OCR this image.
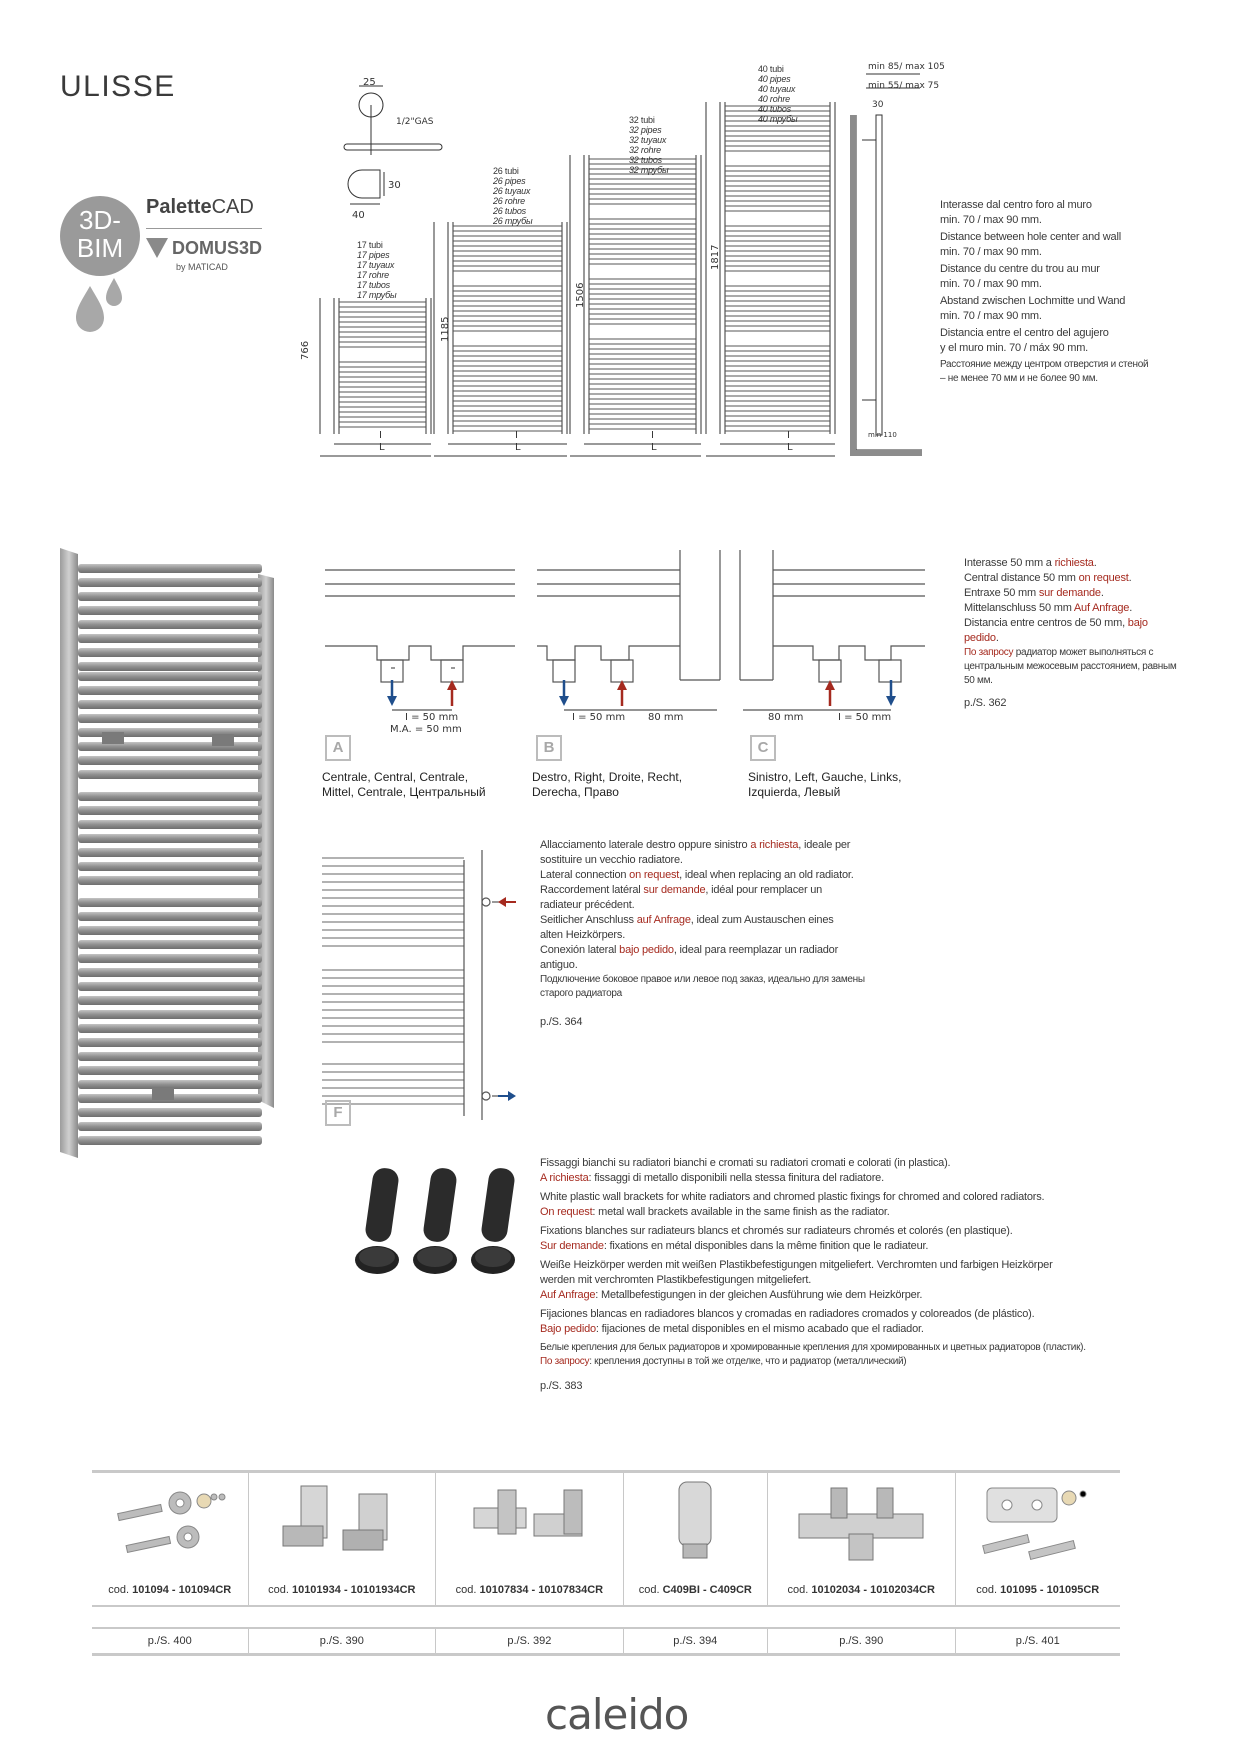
ULISSE
3D-
BIM
PaletteCAD
DOMUS3D
by MATICAD
25
1/2"GAS
30
40
min 85/ max 105
min 55/ max 75
30
min 110
17 tubi
17 pipes
17 tuyaux
17 rohre
17 tubos
17 трубы
26 tubi
26 pipes
26 tuyaux
26 rohre
26 tubos
26 трубы
32 tubi
32 pipes
32 tuyaux
32 rohre
32 tubos
32 трубы
40 tubi
40 pipes
40 tuyaux
40 rohre
40 tubos
40 трубы
766
1185
1506
1817
I
L
I
L
I
L
I
L
Interasse dal centro foro al muro
min. 70 / max 90 mm.
Distance between hole center and wall
min. 70 / max 90 mm.
Distance du centre du trou au mur
min. 70 / max 90 mm.
Abstand zwischen Lochmitte und Wand
min. 70 / max 90 mm.
Distancia entre el centro del agujero
y el muro min. 70 / máx 90 mm.
Расстояние между центром отверстия и стеной
– не менее 70 мм и не более 90 мм.
I = 50 mm
M.A. = 50 mm
I = 50 mm 80 mm	80 mm	I = 50 mm
A	B	C
Centrale, Central, Centrale,
Mittel, Centrale, Центральный
Destro, Right, Droite, Recht,
Derecha, Право
Sinistro, Left, Gauche, Links,
Izquierda, Левый
Interasse 50 mm a richiesta.
Central distance 50 mm on request.
Entraxe 50 mm sur demande.
Mittelanschluss 50 mm Auf Anfrage.
Distancia entre centros de 50 mm, bajo
pedido.
По запросу радиатор может выполняться с
центральным межосевым расстоянием, равным
50 мм.
p./S. 362
F
Allacciamento laterale destro oppure sinistro a richiesta, ideale per
sostituire un vecchio radiatore.
Lateral connection on request, ideal when replacing an old radiator.
Raccordement latéral sur demande, idéal pour remplacer un
radiateur précédent.
Seitlicher Anschluss auf Anfrage, ideal zum Austauschen eines
alten Heizkörpers.
Conexión lateral bajo pedido, ideal para reemplazar un radiador
antiguo.
Подключение боковое правое или левое под заказ, идеально для замены
старого радиатора
p./S. 364
Fissaggi bianchi su radiatori bianchi e cromati su radiatori cromati e colorati (in plastica).
A richiesta: fissaggi di metallo disponibili nella stessa finitura del radiatore.
White plastic wall brackets for white radiators and chromed plastic fixings for chromed and colored radiators.
On request: metal wall brackets available in the same finish as the radiator.
Fixations blanches sur radiateurs blancs et chromés sur radiateurs chromés et colorés (en plastique).
Sur demande: fixations en métal disponibles dans la même finition que le radiateur.
Weiße Heizkörper werden mit weißen Plastikbefestigungen mitgeliefert. Verchromten und farbigen Heizkörper
werden mit verchromten Plastikbefestigungen mitgeliefert.
Auf Anfrage: Metallbefestigungen in der gleichen Ausführung wie dem Heizkörper.
Fijaciones blancas en radiadores blancos y cromadas en radiadores cromados y coloreados (de plástico).
Bajo pedido: fijaciones de metal disponibles en el mismo acabado que el radiador.
Белые крепления для белых радиаторов и хромированные крепления для хромированных и цветных радиаторов (пластик).
По запросу: крепления доступны в той же отделке, что и радиатор (металлический)
p./S. 383

cod. 101094 - 101094CR	cod. 10101934 - 10101934CR	cod. 10107834 - 10107834CR	cod. C409BI - C409CR	cod. 10102034 - 10102034CR	cod. 101095 - 101095CR

p./S. 400	p./S. 390	p./S. 392	p./S. 394	p./S. 390	p./S. 401
caleido
